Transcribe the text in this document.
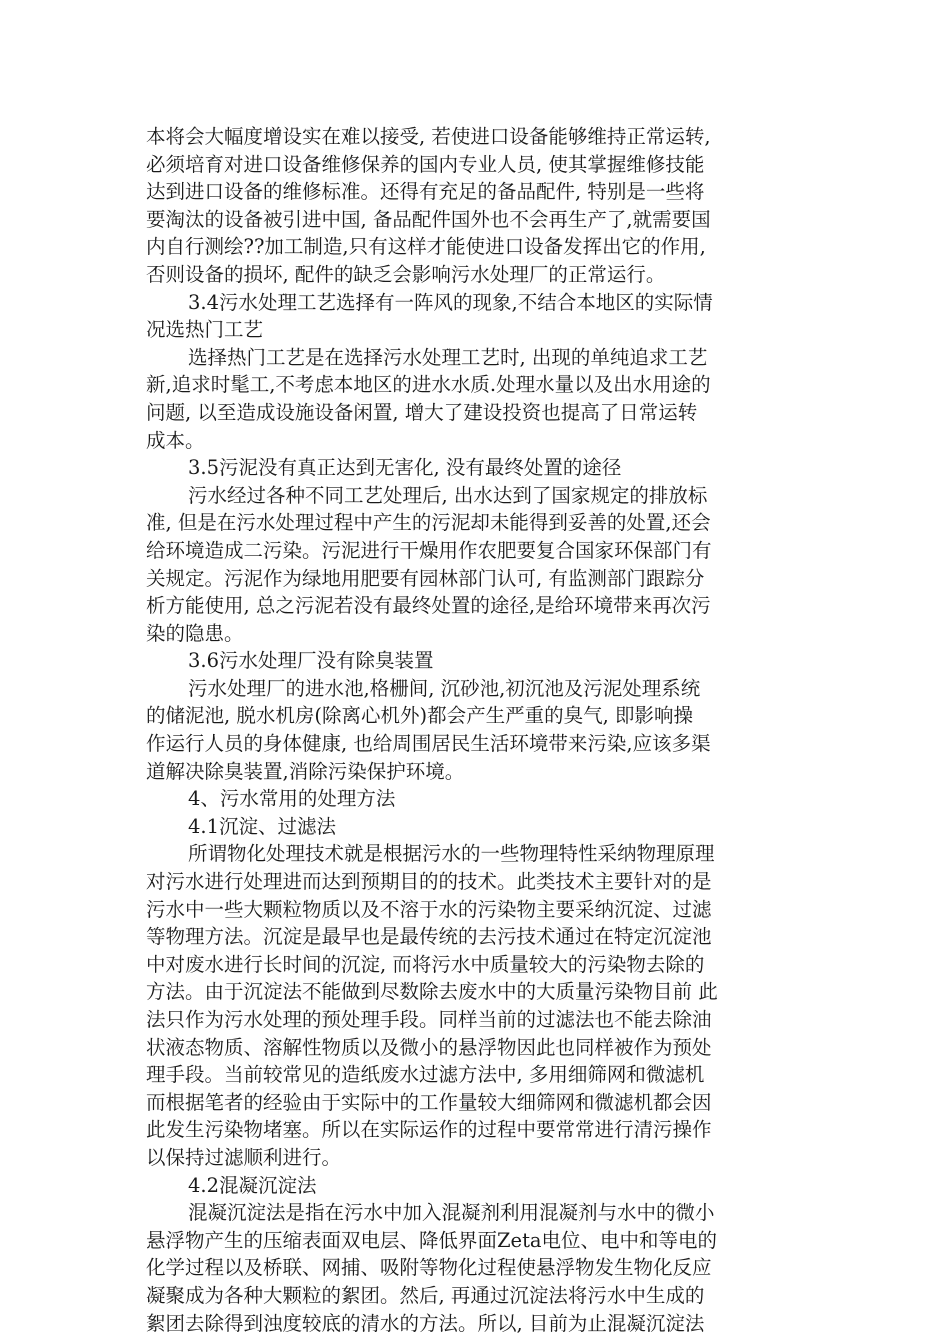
本将会大幅度增设实在难以接受, 若使进口设备能够维持正常运转,
必须培育对进口设备维修保养的国内专业人员, 使其掌握维修技能
达到进口设备的维修标准。还得有充足的备品配件, 特别是一些将
要淘汰的设备被引进中国, 备品配件国外也不会再生产了,就需要国
内自行测绘??加工制造,只有这样才能使进口设备发挥出它的作用,
否则设备的损坏, 配件的缺乏会影响污水处理厂的正常运行。
3.4污水处理工艺选择有一阵风的现象,不结合本地区的实际情
况选热门工艺
选择热门工艺是在选择污水处理工艺时, 出现的单纯追求工艺
新,追求时髦工,不考虑本地区的进水水质.处理水量以及出水用途的
问题, 以至造成设施设备闲置, 增大了建设投资也提高了日常运转
成本。
3.5污泥没有真正达到无害化, 没有最终处置的途径
污水经过各种不同工艺处理后, 出水达到了国家规定的排放标
准, 但是在污水处理过程中产生的污泥却未能得到妥善的处置,还会
给环境造成二污染。污泥进行干燥用作农肥要复合国家环保部门有
关规定。污泥作为绿地用肥要有园林部门认可, 有监测部门跟踪分
析方能使用, 总之污泥若没有最终处置的途径,是给环境带来再次污
染的隐患。
3.6污水处理厂没有除臭装置
污水处理厂的进水池,格栅间, 沉砂池,初沉池及污泥处理系统
的储泥池, 脱水机房(除离心机外)都会产生严重的臭气, 即影响操
作运行人员的身体健康, 也给周围居民生活环境带来污染,应该多渠
道解决除臭装置,消除污染保护环境。
4、污水常用的处理方法
4.1沉淀、过滤法
所谓物化处理技术就是根据污水的一些物理特性采纳物理原理
对污水进行处理进而达到预期目的的技术。此类技术主要针对的是
污水中一些大颗粒物质以及不溶于水的污染物主要采纳沉淀、过滤
等物理方法。沉淀是最早也是最传统的去污技术通过在特定沉淀池
中对废水进行长时间的沉淀, 而将污水中质量较大的污染物去除的
方法。由于沉淀法不能做到尽数除去废水中的大质量污染物目前 此
法只作为污水处理的预处理手段。同样当前的过滤法也不能去除油
状液态物质、溶解性物质以及微小的悬浮物因此也同样被作为预处
理手段。当前较常见的造纸废水过滤方法中, 多用细筛网和微滤机
而根据笔者的经验由于实际中的工作量较大细筛网和微滤机都会因
此发生污染物堵塞。所以在实际运作的过程中要常常进行清污操作
以保持过滤顺利进行。
4.2混凝沉淀法
混凝沉淀法是指在污水中加入混凝剂利用混凝剂与水中的微小
悬浮物产生的压缩表面双电层、降低界面Zeta电位、电中和等电的
化学过程以及桥联、网捕、吸附等物化过程使悬浮物发生物化反应
凝聚成为各种大颗粒的絮团。然后, 再通过沉淀法将污水中生成的
絮团去除得到浊度较底的清水的方法。所以, 目前为止混凝沉淀法
